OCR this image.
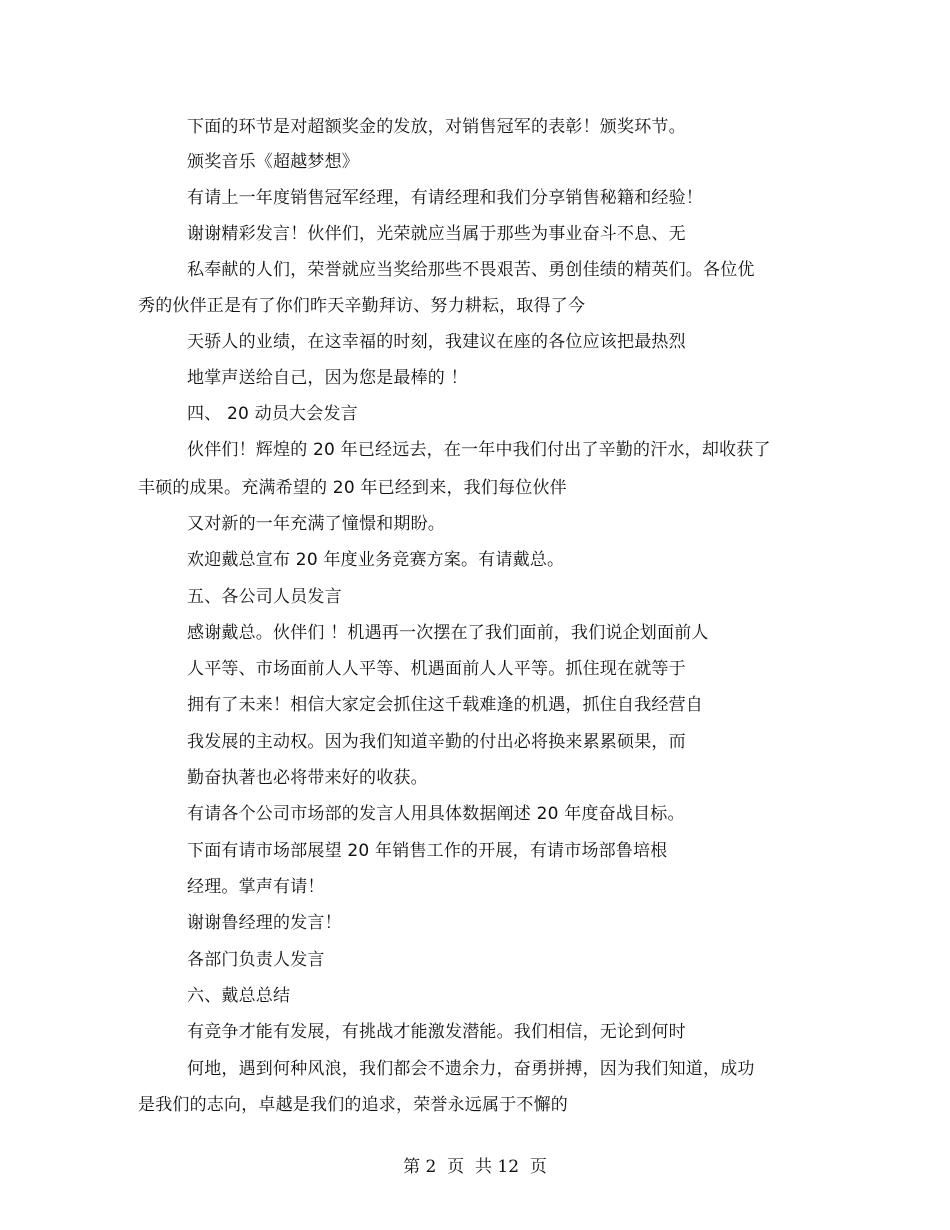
下面的环节是对超额奖金的发放，对销售冠军的表彰！颁奖环节。
颁奖音乐《超越梦想》
有请上一年度销售冠军经理，有请经理和我们分享销售秘籍和经验！
谢谢精彩发言！伙伴们，光荣就应当属于那些为事业奋斗不息、无
私奉献的人们，荣誉就应当奖给那些不畏艰苦、勇创佳绩的精英们。各位优
秀的伙伴正是有了你们昨天辛勤拜访、努力耕耘，取得了今
天骄人的业绩，在这幸福的时刻，我建议在座的各位应该把最热烈
地掌声送给自己，因为您是最棒的 ！
四、 20 动员大会发言
伙伴们！辉煌的 20 年已经远去，在一年中我们付出了辛勤的汗水，却收获了
丰硕的成果。充满希望的 20 年已经到来，我们每位伙伴
又对新的一年充满了憧憬和期盼。
欢迎戴总宣布 20 年度业务竞赛方案。有请戴总。
五、各公司人员发言
感谢戴总。伙伴们 ！机遇再一次摆在了我们面前，我们说企划面前人
人平等、市场面前人人平等、机遇面前人人平等。抓住现在就等于
拥有了未来！相信大家定会抓住这千载难逢的机遇，抓住自我经营自
我发展的主动权。因为我们知道辛勤的付出必将换来累累硕果，而
勤奋执著也必将带来好的收获。
有请各个公司市场部的发言人用具体数据阐述 20 年度奋战目标。
下面有请市场部展望 20 年销售工作的开展，有请市场部鲁培根
经理。掌声有请！
谢谢鲁经理的发言！
各部门负责人发言
六、戴总总结
有竞争才能有发展，有挑战才能激发潜能。我们相信，无论到何时
何地，遇到何种风浪，我们都会不遗余力，奋勇拼搏，因为我们知道，成功
是我们的志向，卓越是我们的追求，荣誉永远属于不懈的
第 2  页  共 12  页
